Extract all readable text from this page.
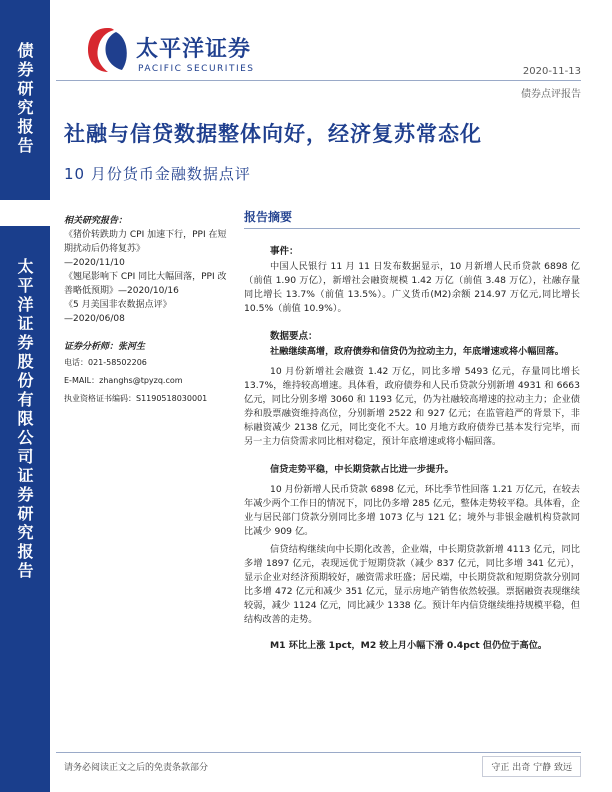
债券研究报告
太平洋证券股份有限公司证券研究报告
太平洋证券
PACIFIC SECURITIES	2020-11-13
债券点评报告
社融与信贷数据整体向好，经济复苏常态化
10 月份货币金融数据点评
相关研究报告：
《猪价转跌助力 CPI 加速下行，PPI 在短期扰动后仍将复苏》
—2020/11/10
《翘尾影响下 CPI 同比大幅回落，PPI 改善略低预期》—2020/10/16
《5 月美国非农数据点评》
—2020/06/08
证券分析师：张河生
电话：021-58502206
E-MAIL：zhanghs@tpyzq.com
执业资格证书编码：S1190518030001
报告摘要
事件：
中国人民银行 11 月 11 日发布数据显示，10 月新增人民币贷款 6898 亿（前值 1.90 万亿），新增社会融资规模 1.42 万亿（前值 3.48 万亿），社融存量同比增长 13.7%（前值 13.5%）。广义货币(M2)余额 214.97 万亿元,同比增长 10.5%（前值 10.9%）。
数据要点：
社融继续高增，政府债券和信贷仍为拉动主力，年底增速或将小幅回落。
10 月份新增社会融资 1.42 万亿，同比多增 5493 亿元，存量同比增长 13.7%，维持较高增速。具体看，政府债券和人民币贷款分别新增 4931 和 6663 亿元，同比分别多增 3060 和 1193 亿元，仍为社融较高增速的拉动主力；企业债券和股票融资维持高位，分别新增 2522 和 927 亿元；在监管趋严的背景下，非标融资减少 2138 亿元，同比变化不大。10 月地方政府债券已基本发行完毕，而另一主力信贷需求同比相对稳定，预计年底增速或将小幅回落。
信贷走势平稳，中长期贷款占比进一步提升。
10 月份新增人民币贷款 6898 亿元，环比季节性回落 1.21 万亿元，在较去年减少两个工作日的情况下，同比仍多增 285 亿元，整体走势较平稳。具体看，企业与居民部门贷款分别同比多增 1073 亿与 121 亿；境外与非银金融机构贷款同比减少 909 亿。
信贷结构继续向中长期化改善，企业端，中长期贷款新增 4113 亿元，同比多增 1897 亿元，表现远优于短期贷款（减少 837 亿元，同比多增 341 亿元），显示企业对经济预期较好，融资需求旺盛；居民端，中长期贷款和短期贷款分别同比多增 472 亿元和减少 351 亿元，显示房地产销售依然较强。票据融资表现继续较弱，减少 1124 亿元，同比减少 1338 亿。预计年内信贷继续维持规模平稳，但结构改善的走势。
M1 环比上涨 1pct，M2 较上月小幅下滑 0.4pct 但仍位于高位。
请务必阅读正文之后的免责条款部分	守正 出奇 宁静 致远
